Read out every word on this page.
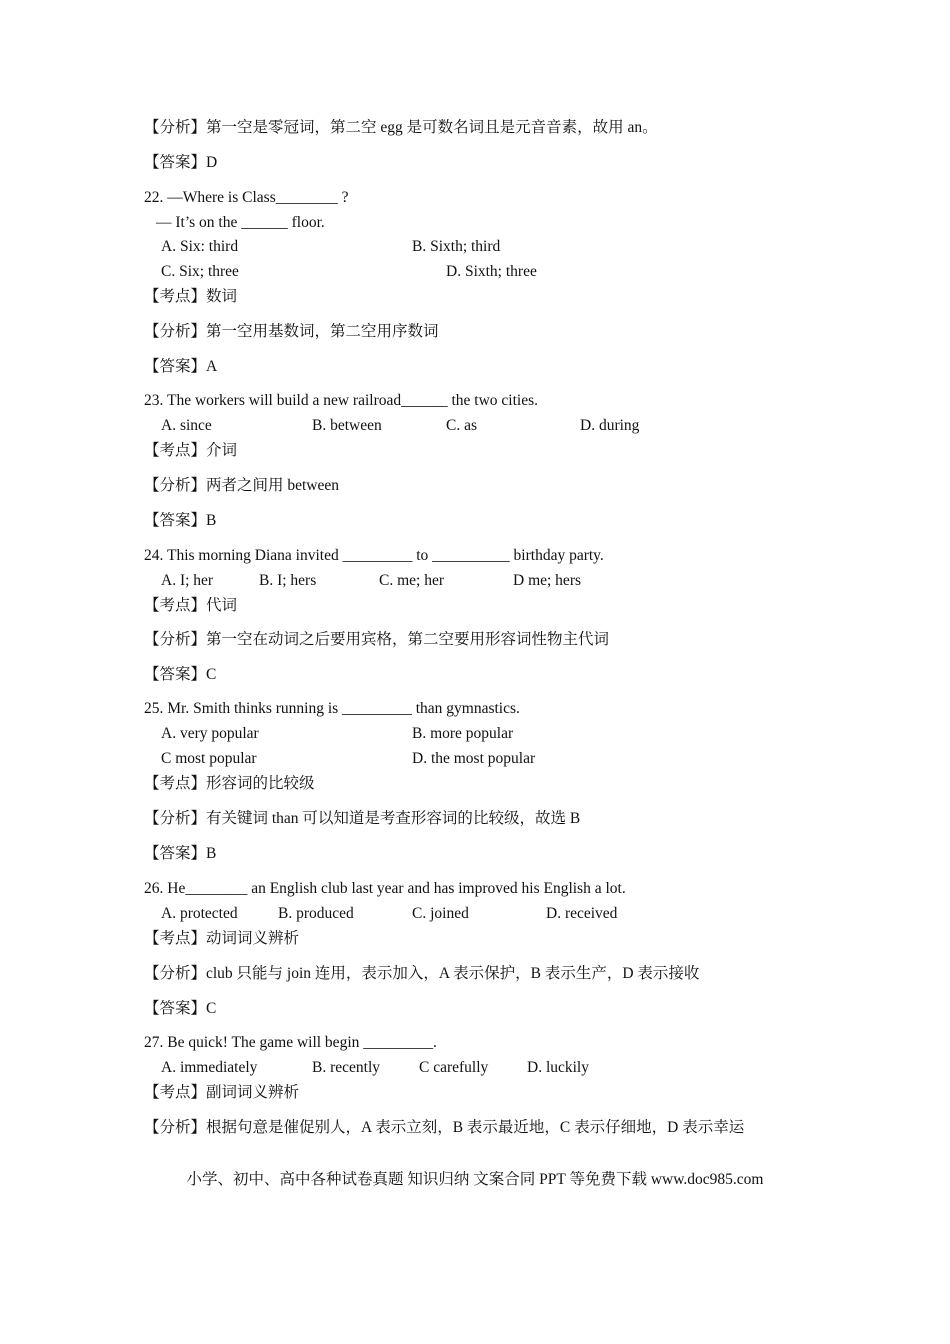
【分析】第一空是零冠词，第二空 egg 是可数名词且是元音音素，故用 an。
【答案】D
22. —Where is Class________ ?
— It’s on the ______ floor.
A. Six: third	B. Sixth; third
C. Six; three	D. Sixth; three
【考点】数词
【分析】第一空用基数词，第二空用序数词
【答案】A
23. The workers will build a new railroad______ the two cities.
A. since	B. between	C. as	D. during
【考点】介词
【分析】两者之间用 between
【答案】B
24. This morning Diana invited _________ to __________ birthday party.
A. I; her	B. I; hers	C. me; her	D me; hers
【考点】代词
【分析】第一空在动词之后要用宾格，第二空要用形容词性物主代词
【答案】C
25. Mr. Smith thinks running is _________ than gymnastics.
A. very popular	B. more popular
C most popular	D. the most popular
【考点】形容词的比较级
【分析】有关键词 than 可以知道是考查形容词的比较级，故选 B
【答案】B
26. He________ an English club last year and has improved his English a lot.
A. protected	B. produced	C. joined	D. received
【考点】动词词义辨析
【分析】club 只能与 join 连用，表示加入，A 表示保护，B 表示生产，D 表示接收
【答案】C
27. Be quick! The game will begin _________.
A. immediately	B. recently	C carefully D. luckily
【考点】副词词义辨析
【分析】根据句意是催促别人，A 表示立刻，B 表示最近地，C 表示仔细地，D 表示幸运
小学、初中、高中各种试卷真题 知识归纳 文案合同 PPT 等免费下载 www.doc985.com
